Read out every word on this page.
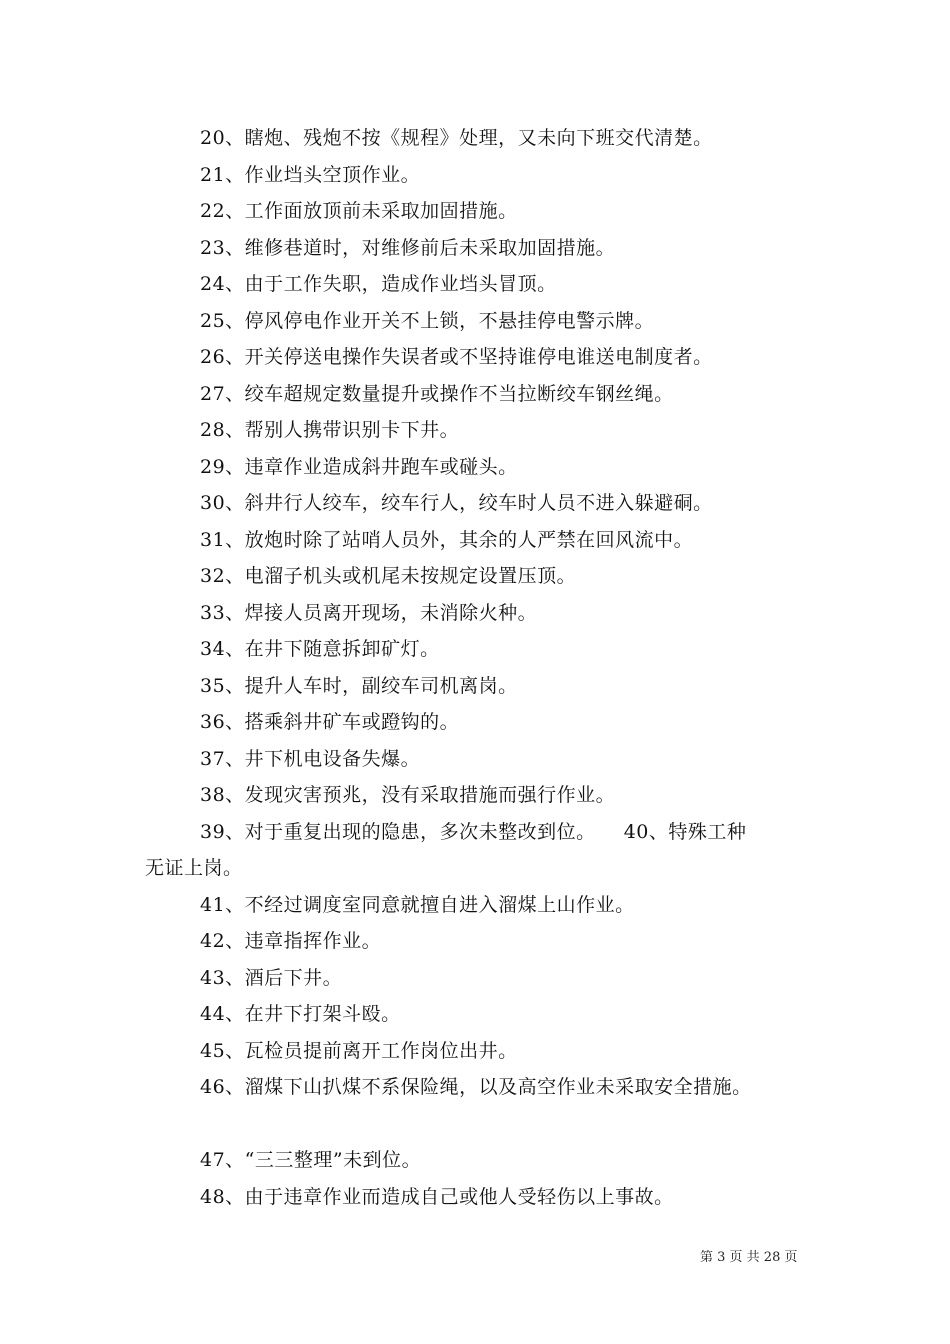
20、瞎炮、残炮不按《规程》处理，又未向下班交代清楚。
21、作业垱头空顶作业。
22、工作面放顶前未采取加固措施。
23、维修巷道时，对维修前后未采取加固措施。
24、由于工作失职，造成作业垱头冒顶。
25、停风停电作业开关不上锁，不悬挂停电警示牌。
26、开关停送电操作失误者或不坚持谁停电谁送电制度者。
27、绞车超规定数量提升或操作不当拉断绞车钢丝绳。
28、帮别人携带识别卡下井。
29、违章作业造成斜井跑车或碰头。
30、斜井行人绞车，绞车行人，绞车时人员不进入躲避硐。
31、放炮时除了站哨人员外，其余的人严禁在回风流中。
32、电溜子机头或机尾未按规定设置压顶。
33、焊接人员离开现场，未消除火种。
34、在井下随意拆卸矿灯。
35、提升人车时，副绞车司机离岗。
36、搭乘斜井矿车或蹬钩的。
37、井下机电设备失爆。
38、发现灾害预兆，没有采取措施而强行作业。
39、对于重复出现的隐患，多次未整改到位。 40、特殊工种
无证上岗。
41、不经过调度室同意就擅自进入溜煤上山作业。
42、违章指挥作业。
43、酒后下井。
44、在井下打架斗殴。
45、瓦检员提前离开工作岗位出井。
46、溜煤下山扒煤不系保险绳，以及高空作业未采取安全措施。
47、“三三整理”未到位。
48、由于违章作业而造成自己或他人受轻伤以上事故。
第 3 页 共 28 页
